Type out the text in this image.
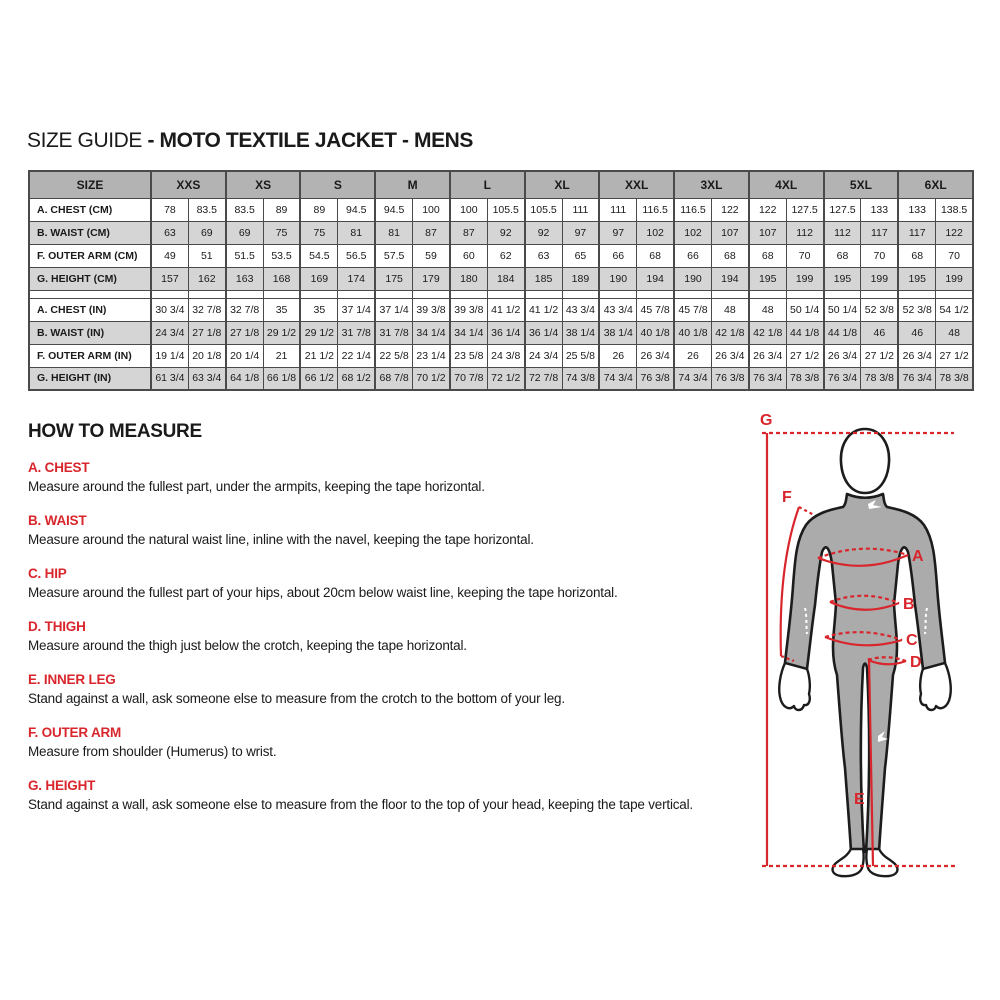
SIZE GUIDE - MOTO TEXTILE JACKET - MENS
SIZE	XXS		XS		S		M		L		XL		XXL		3XL		4XL		5XL		6XL	
A. CHEST (CM)	78	83.5	83.5	89	89	94.5	94.5	100	100	105.5	105.5	111	111	116.5	116.5	122	122	127.5	127.5	133	133	138.5
B. WAIST (CM)	63	69	69	75	75	81	81	87	87	92	92	97	97	102	102	107	107	112	112	117	117	122
F. OUTER ARM (CM)	49	51	51.5	53.5	54.5	56.5	57.5	59	60	62	63	65	66	68	66	68	68	70	68	70	68	70
G. HEIGHT (CM)	157	162	163	168	169	174	175	179	180	184	185	189	190	194	190	194	195	199	195	199	195	199

A. CHEST (IN)	30 3/4	32 7/8	32 7/8	35	35	37 1/4	37 1/4	39 3/8	39 3/8	41 1/2	41 1/2	43 3/4	43 3/4	45 7/8	45 7/8	48	48	50 1/4	50 1/4	52 3/8	52 3/8	54 1/2
B. WAIST (IN)	24 3/4	27 1/8	27 1/8	29 1/2	29 1/2	31 7/8	31 7/8	34 1/4	34 1/4	36 1/4	36 1/4	38 1/4	38 1/4	40 1/8	40 1/8	42 1/8	42 1/8	44 1/8	44 1/8	46	46	48
F. OUTER ARM (IN)	19 1/4	20 1/8	20 1/4	21	21 1/2	22 1/4	22 5/8	23 1/4	23 5/8	24 3/8	24 3/4	25 5/8	26	26 3/4	26	26 3/4	26 3/4	27 1/2	26 3/4	27 1/2	26 3/4	27 1/2
G. HEIGHT (IN)	61 3/4	63 3/4	64 1/8	66 1/8	66 1/2	68 1/2	68 7/8	70 1/2	70 7/8	72 1/2	72 7/8	74 3/8	74 3/4	76 3/8	74 3/4	76 3/8	76 3/4	78 3/8	76 3/4	78 3/8	76 3/4	78 3/8
HOW TO MEASURE
A. CHEST

Measure around the fullest part, under the armpits, keeping the tape horizontal.

B. WAIST

Measure around the natural waist line, inline with the navel, keeping the tape horizontal.

C. HIP

Measure around the fullest part of your hips, about 20cm below waist line, keeping the tape horizontal.

D. THIGH

Measure around the thigh just below the crotch, keeping the tape horizontal.

E. INNER LEG

Stand against a wall, ask someone else to measure from the crotch to the bottom of your leg.

F. OUTER ARM

Measure from shoulder (Humerus) to wrist.

G. HEIGHT

Stand against a wall, ask someone else to measure from the floor to the top of your head, keeping the tape vertical.

G
F
A
B
C
D
E
